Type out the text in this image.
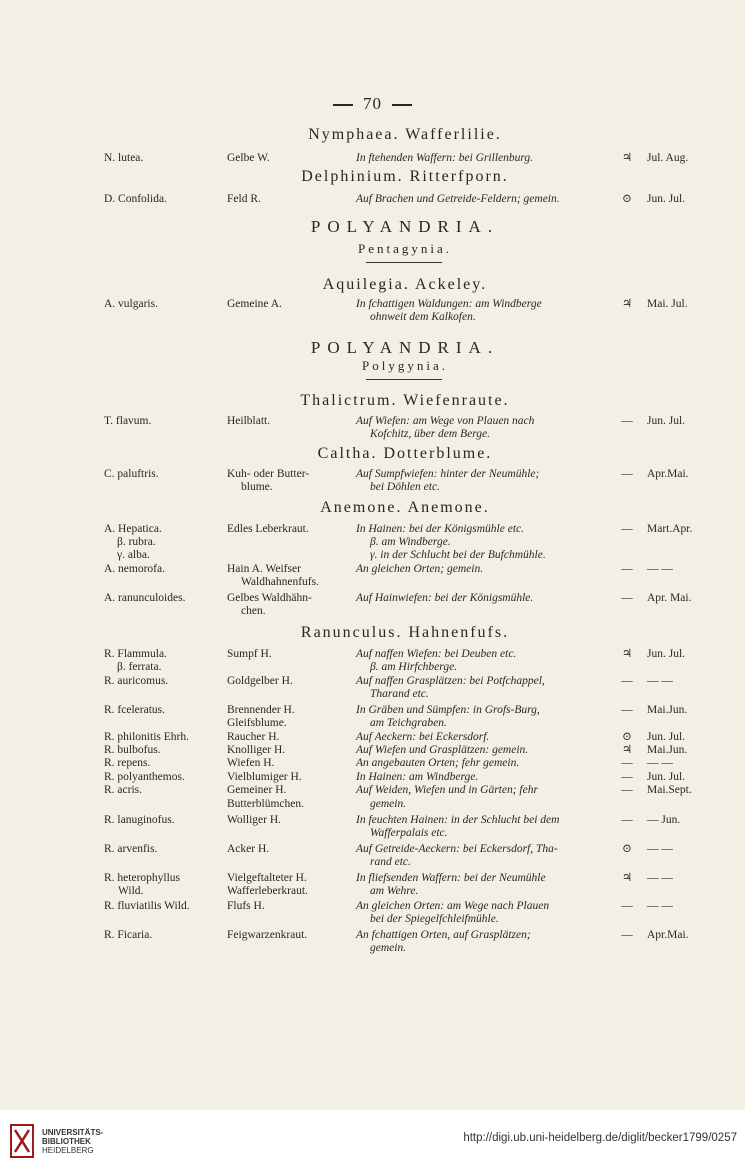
70
Nymphaea. Wafferlilie.
N. lutea.	Gelbe W.	In ftehenden Waffern: bei Grillenburg.	♃	Jul. Aug.
Delphinium. Ritterfporn.
D. Confolida.	Feld R.	Auf Brachen und Getreide-Feldern; gemein.	⊙	Jun. Jul.
POLYANDRIA.
Pentagynia.
Aquilegia. Ackeley.
A. vulgaris.	Gemeine A.	In fchattigen Waldungen: am Windberge	♃	Mai. Jul.
ohnweit dem Kalkofen.
POLYANDRIA.
Polygynia.
Thalictrum. Wiefenraute.
T. flavum.	Heilblatt.	Auf Wiefen: am Wege von Plauen nach	—	Jun. Jul.
Kofchitz, über dem Berge.
Caltha. Dotterblume.
C. paluftris.	Kuh- oder Butter-	Auf Sumpfwiefen: hinter der Neumühle;	—	Apr.Mai.
blume.	bei Döhlen etc.
Anemone. Anemone.
A. Hepatica.	Edles Leberkraut.	In Hainen: bei der Königsmühle etc.	—	Mart.Apr.
β. rubra.	β. am Windberge.
γ. alba.	γ. in der Schlucht bei der Bufchmühle.
A. nemorofa.	Hain A. Weifser	An gleichen Orten; gemein.	—	— —
Waldhahnenfufs.
A. ranunculoides.	Gelbes Waldhähn-	Auf Hainwiefen: bei der Königsmühle.	—	Apr. Mai.
chen.
Ranunculus. Hahnenfufs.
R. Flammula.	Sumpf H.	Auf naffen Wiefen: bei Deuben etc.	♃	Jun. Jul.
β. ferrata.	β. am Hirfchberge.
R. auricomus.	Goldgelber H.	Auf naffen Grasplätzen: bei Potfchappel,	—	— —
Tharand etc.
R. fceleratus.	Brennender H.	In Gräben und Sümpfen: in Grofs-Burg,	—	Mai.Jun.
Gleifsblume.	am Teichgraben.
R. philonitis Ehrh.	Raucher H.	Auf Aeckern: bei Eckersdorf.	⊙	Jun. Jul.
R. bulbofus.	Knolliger H.	Auf Wiefen und Grasplätzen: gemein.	♃	Mai.Jun.
R. repens.	Wiefen H.	An angebauten Orten; fehr gemein.	—	— —
R. polyanthemos.	Vielblumiger H.	In Hainen: am Windberge.	—	Jun. Jul.
R. acris.	Gemeiner H.	Auf Weiden, Wiefen und in Gärten; fehr	—	Mai.Sept.
Butterblümchen.	gemein.
R. lanuginofus.	Wolliger H.	In feuchten Hainen: in der Schlucht bei dem	—	— Jun.
Wafferpalais etc.
R. arvenfis.	Acker H.	Auf Getreide-Aeckern: bei Eckersdorf, Tha-	⊙	— —
rand etc.
R. heterophyllus	Vielgeftalteter H.	In fliefsenden Waffern: bei der Neumühle	♃	— —
Wild.	Wafferleberkraut.	am Wehre.
R. fluviatilis Wild.	Flufs H.	An gleichen Orten: am Wege nach Plauen	—	— —
bei der Spiegelfchleifmühle.
R. Ficaria.	Feigwarzenkraut.	An fchattigen Orten, auf Grasplätzen;	—	Apr.Mai.
gemein.
UNIVERSITÄTS-
BIBLIOTHEK
HEIDELBERG
http://digi.ub.uni-heidelberg.de/diglit/becker1799/0257
